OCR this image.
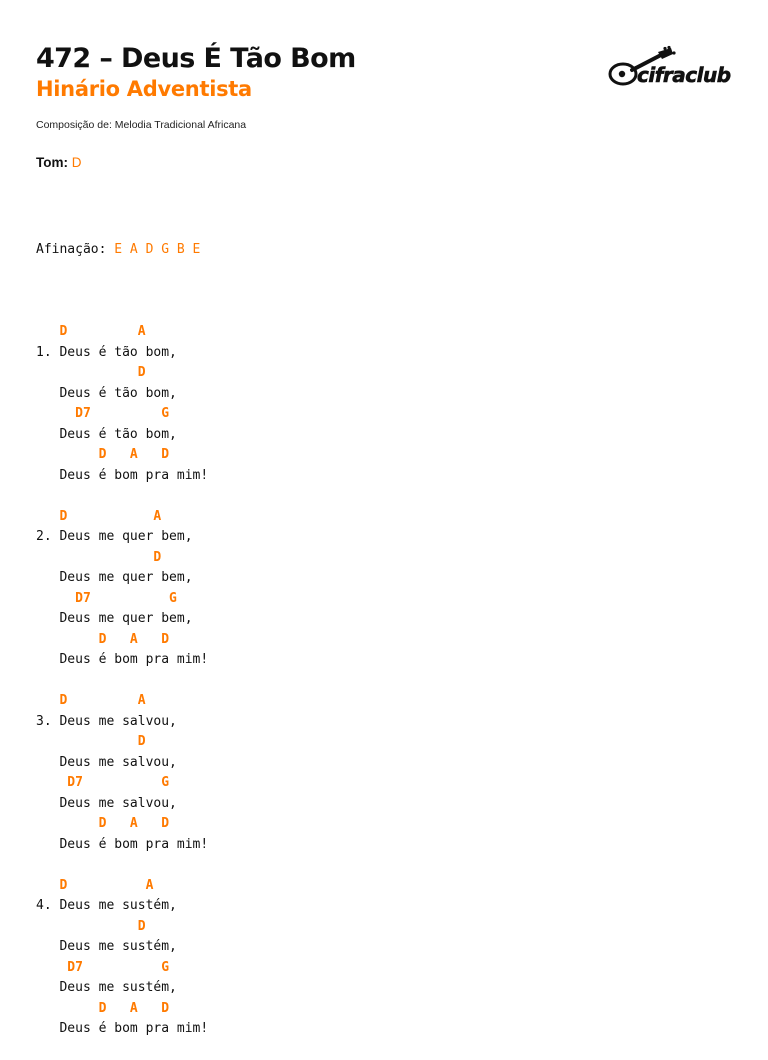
472 – Deus É Tão Bom
Hinário Adventista
Composição de: Melodia Tradicional Africana
Tom: D
cifraclub

Afinação: E A D G B E

D         A
1. Deus é tão bom,
D
Deus é tão bom,
D7         G
Deus é tão bom,
D   A   D
Deus é bom pra mim!
D           A
2. Deus me quer bem,
D
Deus me quer bem,
D7          G
Deus me quer bem,
D   A   D
Deus é bom pra mim!
D         A
3. Deus me salvou,
D
Deus me salvou,
D7          G
Deus me salvou,
D   A   D
Deus é bom pra mim!
D          A
4. Deus me sustém,
D
Deus me sustém,
D7          G
Deus me sustém,
D   A   D
Deus é bom pra mim!
